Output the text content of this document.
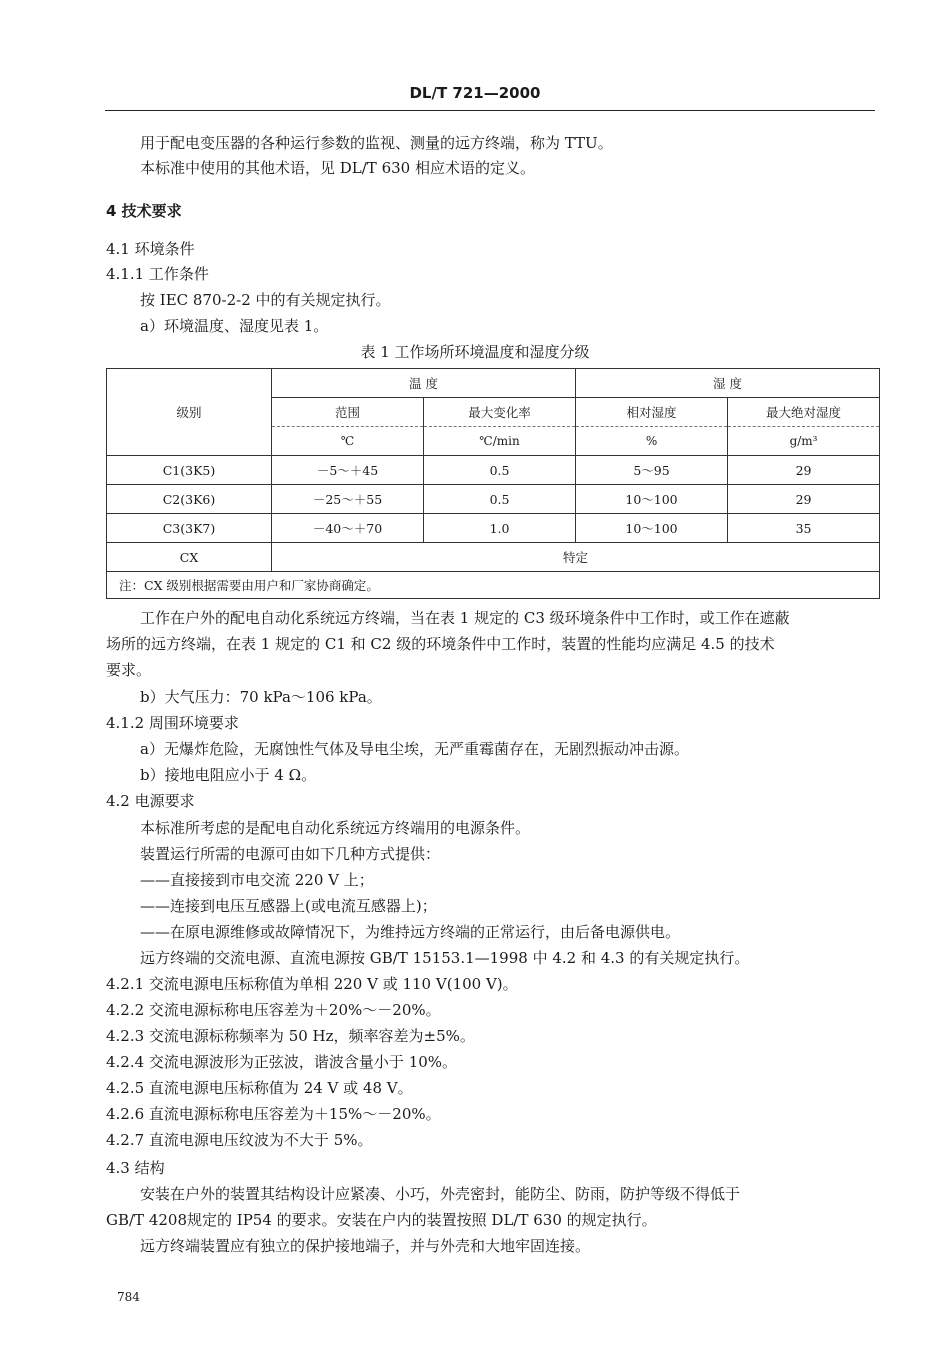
DL/T 721—2000
用于配电变压器的各种运行参数的监视、测量的远方终端，称为 TTU。
本标准中使用的其他术语，见 DL/T 630 相应术语的定义。
4 技术要求
4.1 环境条件
4.1.1 工作条件
按 IEC 870-2-2 中的有关规定执行。
a）环境温度、湿度见表 1。
表 1 工作场所环境温度和湿度分级
级别	温 度		湿 度	
	范围	最大变化率	相对湿度	最大绝对湿度
	℃	℃/min	%	g/m³
C1(3K5)	－5～＋45	0.5	5～95	29
C2(3K6)	－25～＋55	0.5	10～100	29
C3(3K7)	－40～＋70	1.0	10～100	35
CX	特定			
注：CX 级别根据需要由用户和厂家协商确定。				
工作在户外的配电自动化系统远方终端，当在表 1 规定的 C3 级环境条件中工作时，或工作在遮蔽
场所的远方终端，在表 1 规定的 C1 和 C2 级的环境条件中工作时，装置的性能均应满足 4.5 的技术
要求。
b）大气压力：70 kPa～106 kPa。
4.1.2 周围环境要求
a）无爆炸危险，无腐蚀性气体及导电尘埃，无严重霉菌存在，无剧烈振动冲击源。
b）接地电阻应小于 4 Ω。
4.2 电源要求
本标准所考虑的是配电自动化系统远方终端用的电源条件。
装置运行所需的电源可由如下几种方式提供：
——直接接到市电交流 220 V 上；
——连接到电压互感器上(或电流互感器上)；
——在原电源维修或故障情况下，为维持远方终端的正常运行，由后备电源供电。
远方终端的交流电源、直流电源按 GB/T 15153.1—1998 中 4.2 和 4.3 的有关规定执行。
4.2.1 交流电源电压标称值为单相 220 V 或 110 V(100 V)。
4.2.2 交流电源标称电压容差为＋20%～－20%。
4.2.3 交流电源标称频率为 50 Hz，频率容差为±5%。
4.2.4 交流电源波形为正弦波，谐波含量小于 10%。
4.2.5 直流电源电压标称值为 24 V 或 48 V。
4.2.6 直流电源标称电压容差为＋15%～－20%。
4.2.7 直流电源电压纹波为不大于 5%。
4.3 结构
安装在户外的装置其结构设计应紧凑、小巧，外壳密封，能防尘、防雨，防护等级不得低于
GB/T 4208规定的 IP54 的要求。安装在户内的装置按照 DL/T 630 的规定执行。
远方终端装置应有独立的保护接地端子，并与外壳和大地牢固连接。
784
